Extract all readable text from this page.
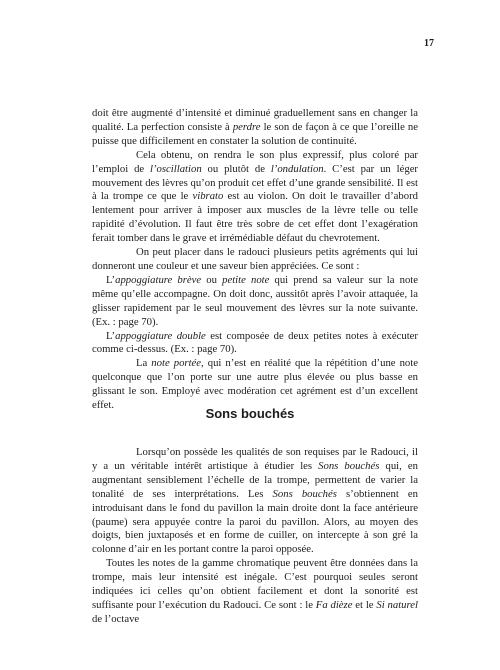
17

doit être augmenté d’intensité et diminué graduellement sans en changer la qualité. La perfection consiste à perdre le son de façon à ce que l’oreille ne puisse que difficilement en constater la solution de continuité.

Cela obtenu, on rendra le son plus expressif, plus coloré par l’emploi de l’oscillation ou plutôt de l’ondulation. C’est par un léger mouvement des lèvres qu’on produit cet effet d’une grande sensibilité. Il est à la trompe ce que le vibrato est au violon. On doit le travailler d’abord lentement pour arriver à imposer aux muscles de la lèvre telle ou telle rapidité d’évolution. Il faut être très sobre de cet effet dont l’exagération ferait tomber dans le grave et irrémédiable défaut du chevrotement.

On peut placer dans le radouci plusieurs petits agréments qui lui donneront une couleur et une saveur bien appréciées. Ce sont :

L’appoggiature brève ou petite note qui prend sa valeur sur la note même qu’elle accompagne. On doit donc, aussitôt après l’avoir attaquée, la glisser rapidement par le seul mouvement des lèvres sur la note suivante. (Ex. : page 70).

L’appoggiature double est composée de deux petites notes à exécuter comme ci-dessus. (Ex. : page 70).

La note portée, qui n’est en réalité que la répétition d’une note quelconque que l’on porte sur une autre plus élevée ou plus basse en glissant le son. Employé avec modération cet agrément est d’un excellent effet.

Sons bouchés

Lorsqu’on possède les qualités de son requises par le Radouci, il y a un véritable intérêt artistique à étudier les Sons bouchés qui, en augmentant sensiblement l’échelle de la trompe, permettent de varier la tonalité de ses interprétations. Les Sons bouchés s’obtiennent en introduisant dans le fond du pavillon la main droite dont la face antérieure (paume) sera appuyée contre la paroi du pavillon. Alors, au moyen des doigts, bien juxtaposés et en forme de cuiller, on intercepte à son gré la colonne d’air en les portant contre la paroi opposée.

Toutes les notes de la gamme chromatique peuvent être données dans la trompe, mais leur intensité est inégale. C’est pourquoi seules seront indiquées ici celles qu’on obtient facilement et dont la sonorité est suffisante pour l’exécution du Radouci. Ce sont : le Fa dièze et le Si naturel de l’octave
